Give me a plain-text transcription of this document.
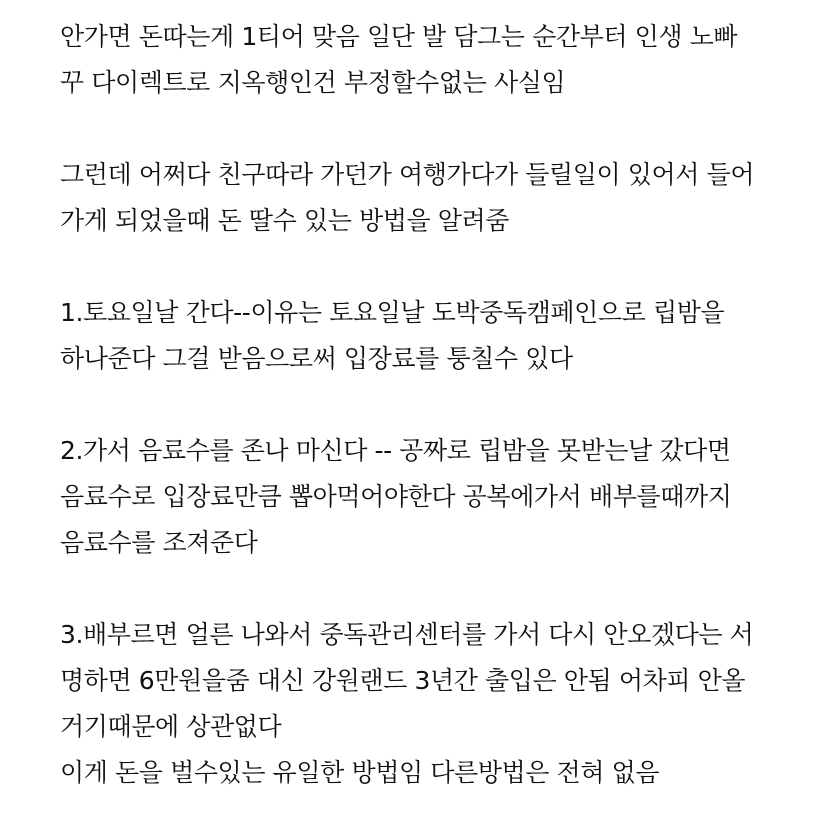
안가면 돈따는게 1티어 맞음 일단 발 담그는 순간부터 인생 노빠
꾸 다이렉트로 지옥행인건 부정할수없는 사실임

그런데 어쩌다 친구따라 가던가 여행가다가 들릴일이 있어서 들어
가게 되었을때 돈 딸수 있는 방법을 알려줌

1.토요일날 간다--이유는 토요일날 도박중독캠페인으로 립밤을
하나준다 그걸 받음으로써 입장료를 퉁칠수 있다

2.가서 음료수를 존나 마신다 -- 공짜로 립밤을 못받는날 갔다면
음료수로 입장료만큼 뽑아먹어야한다 공복에가서 배부를때까지
음료수를 조져준다

3.배부르면 얼른 나와서 중독관리센터를 가서 다시 안오겠다는 서
명하면 6만원을줌 대신 강원랜드 3년간 출입은 안됨 어차피 안올
거기때문에 상관없다

이게 돈을 벌수있는 유일한 방법임 다른방법은 전혀 없음
